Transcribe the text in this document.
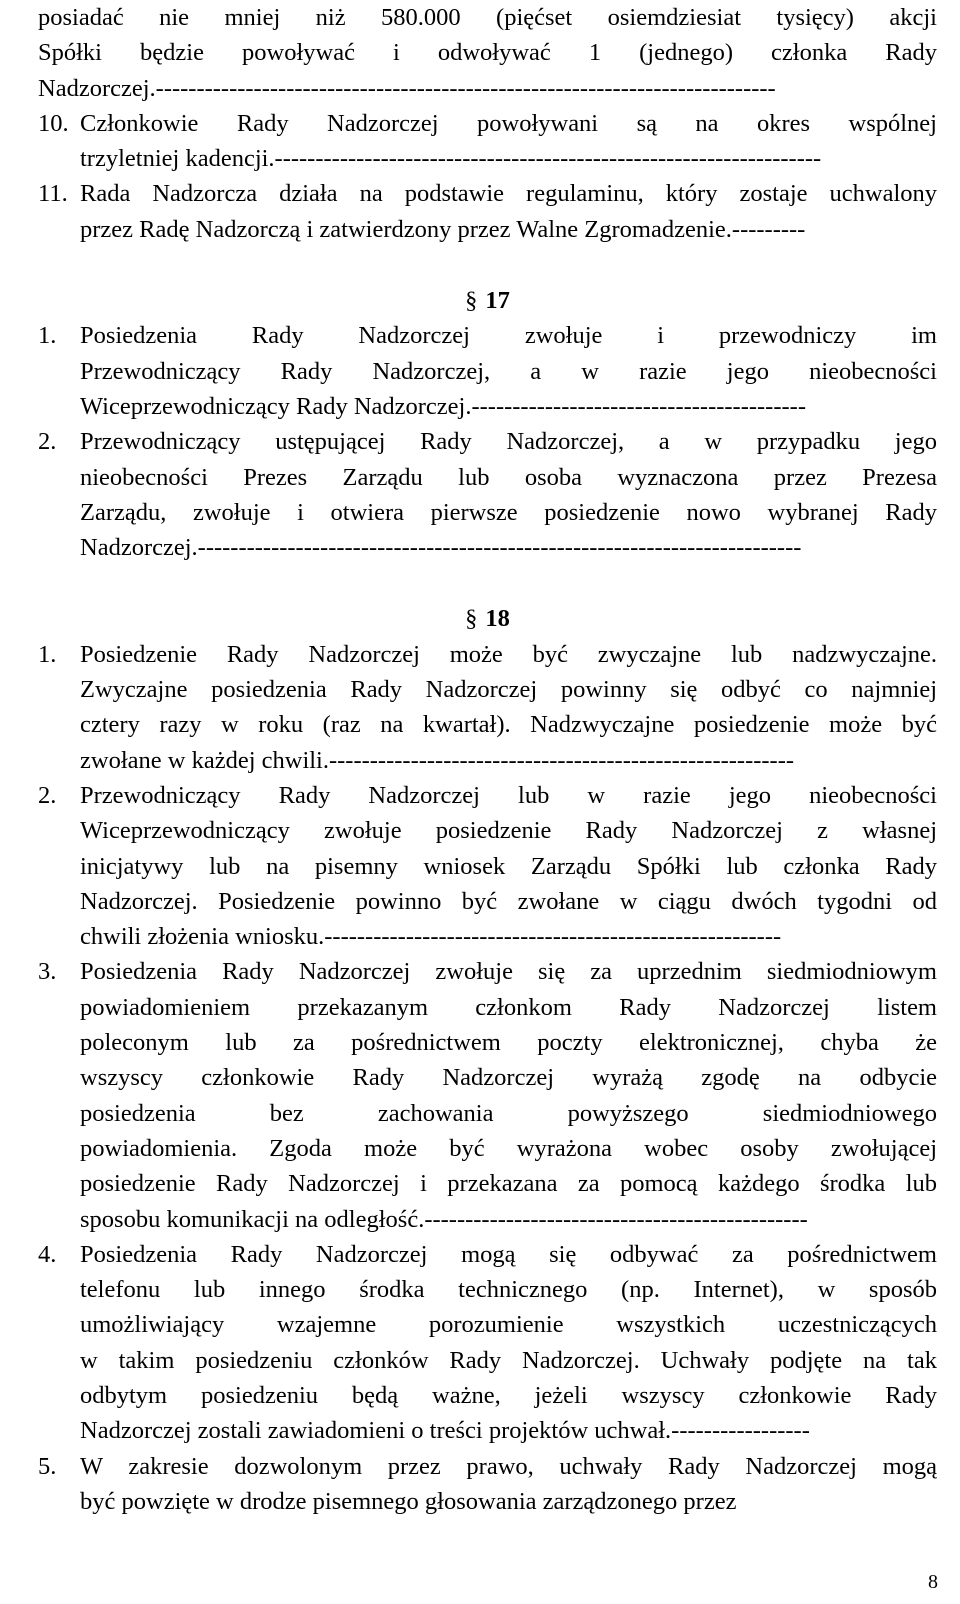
posiadać nie mniej niż 580.000 (pięćset osiemdziesiat tysięcy) akcji
Spółki będzie powoływać i odwoływać 1 (jednego) członka Rady
Nadzorczej.----------------------------------------------------------------------------
10. Członkowie Rady Nadzorczej powoływani są na okres wspólnej
trzyletniej kadencji.-------------------------------------------------------------------
11. Rada Nadzorcza działa na podstawie regulaminu, który zostaje uchwalony
przez Radę Nadzorczą i zatwierdzony przez Walne Zgromadzenie.---------
§ 17
1. Posiedzenia Rady Nadzorczej zwołuje i przewodniczy im
Przewodniczący Rady Nadzorczej, a w razie jego nieobecności
Wiceprzewodniczący Rady Nadzorczej.-----------------------------------------
2. Przewodniczący ustępującej Rady Nadzorczej, a w przypadku jego
nieobecności Prezes Zarządu lub osoba wyznaczona przez Prezesa
Zarządu, zwołuje i otwiera pierwsze posiedzenie nowo wybranej Rady
Nadzorczej.--------------------------------------------------------------------------
§ 18
1. Posiedzenie Rady Nadzorczej może być zwyczajne lub nadzwyczajne.
Zwyczajne posiedzenia Rady Nadzorczej powinny się odbyć co najmniej
cztery razy w roku (raz na kwartał). Nadzwyczajne posiedzenie może być
zwołane w każdej chwili.---------------------------------------------------------
2. Przewodniczący Rady Nadzorczej lub w razie jego nieobecności
Wiceprzewodniczący zwołuje posiedzenie Rady Nadzorczej z własnej
inicjatywy lub na pisemny wniosek Zarządu Spółki lub członka Rady
Nadzorczej. Posiedzenie powinno być zwołane w ciągu dwóch tygodni od
chwili złożenia wniosku.--------------------------------------------------------
3. Posiedzenia Rady Nadzorczej zwołuje się za uprzednim siedmiodniowym
powiadomieniem przekazanym członkom Rady Nadzorczej listem
poleconym lub za pośrednictwem poczty elektronicznej, chyba że
wszyscy członkowie Rady Nadzorczej wyrażą zgodę na odbycie
posiedzenia bez zachowania powyższego siedmiodniowego
powiadomienia. Zgoda może być wyrażona wobec osoby zwołującej
posiedzenie Rady Nadzorczej i przekazana za pomocą każdego środka lub
sposobu komunikacji na odległość.-----------------------------------------------
4. Posiedzenia Rady Nadzorczej mogą się odbywać za pośrednictwem
telefonu lub innego środka technicznego (np. Internet), w sposób
umożliwiający wzajemne porozumienie wszystkich uczestniczących
w takim posiedzeniu członków Rady Nadzorczej. Uchwały podjęte na tak
odbytym posiedzeniu będą ważne, jeżeli wszyscy członkowie Rady
Nadzorczej zostali zawiadomieni o treści projektów uchwał.-----------------
5. W zakresie dozwolonym przez prawo, uchwały Rady Nadzorczej mogą
być powzięte w drodze pisemnego głosowania zarządzonego przez
8
